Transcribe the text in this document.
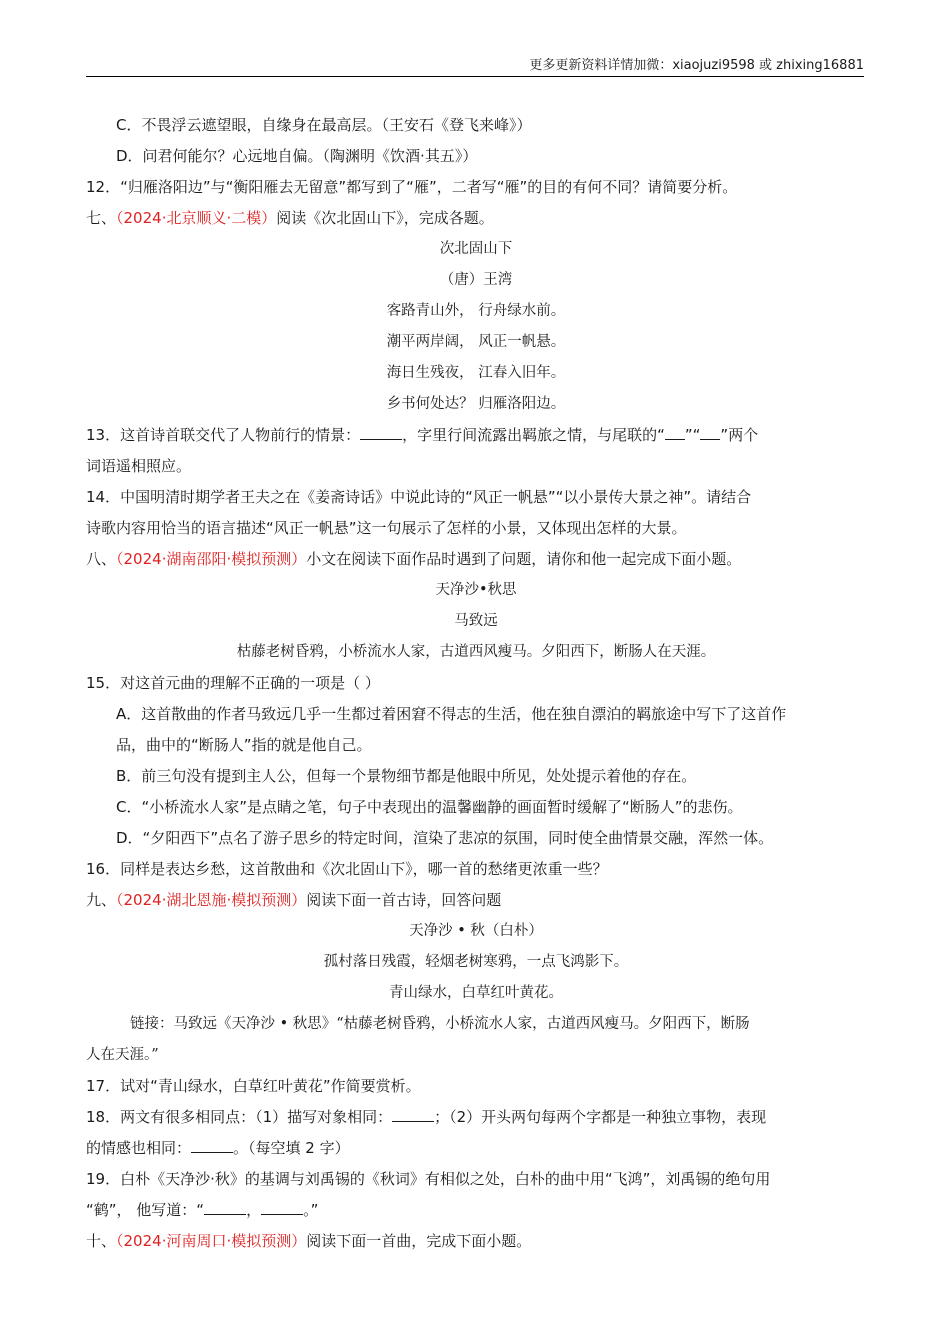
更多更新资料详情加微：xiaojuzi9598 或 zhixing16881
C．不畏浮云遮望眼，自缘身在最高层。（王安石《登飞来峰》）
D．问君何能尔？心远地自偏。（陶渊明《饮酒·其五》）
12．“归雁洛阳边”与“衡阳雁去无留意”都写到了“雁”，二者写“雁”的目的有何不同？请简要分析。
七、（2024·北京顺义·二模）阅读《次北固山下》，完成各题。
次北固山下
（唐）王湾
客路青山外， 行舟绿水前。
潮平两岸阔， 风正一帆悬。
海日生残夜， 江春入旧年。
乡书何处达？ 归雁洛阳边。
13．这首诗首联交代了人物前行的情景：	，字里行间流露出羁旅之情，与尾联的“ ”“ ”两个
词语遥相照应。
14．中国明清时期学者王夫之在《姜斋诗话》中说此诗的“风正一帆悬”“以小景传大景之神”。请结合
诗歌内容用恰当的语言描述“风正一帆悬”这一句展示了怎样的小景，又体现出怎样的大景。
八、（2024·湖南邵阳·模拟预测）小文在阅读下面作品时遇到了问题，请你和他一起完成下面小题。
天净沙•秋思
马致远
枯藤老树昏鸦，小桥流水人家，古道西风瘦马。夕阳西下，断肠人在天涯。
15．对这首元曲的理解不正确的一项是（ ）
A．这首散曲的作者马致远几乎一生都过着困窘不得志的生活，他在独自漂泊的羁旅途中写下了这首作
品，曲中的“断肠人”指的就是他自己。
B．前三句没有提到主人公，但每一个景物细节都是他眼中所见，处处提示着他的存在。
C．“小桥流水人家”是点睛之笔，句子中表现出的温馨幽静的画面暂时缓解了“断肠人”的悲伤。
D．“夕阳西下”点名了游子思乡的特定时间，渲染了悲凉的氛围，同时使全曲情景交融，浑然一体。
16．同样是表达乡愁，这首散曲和《次北固山下》，哪一首的愁绪更浓重一些？
九、（2024·湖北恩施·模拟预测）阅读下面一首古诗，回答问题
天净沙 • 秋（白朴）
孤村落日残霞，轻烟老树寒鸦，一点飞鸿影下。
青山绿水，白草红叶黄花。
链接：马致远《天净沙 • 秋思》“枯藤老树昏鸦，小桥流水人家，古道西风瘦马。夕阳西下，断肠
人在天涯。”
17．试对“青山绿水，白草红叶黄花”作简要赏析。
18．两文有很多相同点：（1）描写对象相同：	；（2）开头两句每两个字都是一种独立事物，表现
的情感也相同：	。（每空填 2 字）
19．白朴《天净沙·秋》的基调与刘禹锡的《秋词》有相似之处，白朴的曲中用“飞鸿”，刘禹锡的绝句用
“鹤”， 他写道：“	，	。”
十、（2024·河南周口·模拟预测）阅读下面一首曲，完成下面小题。
